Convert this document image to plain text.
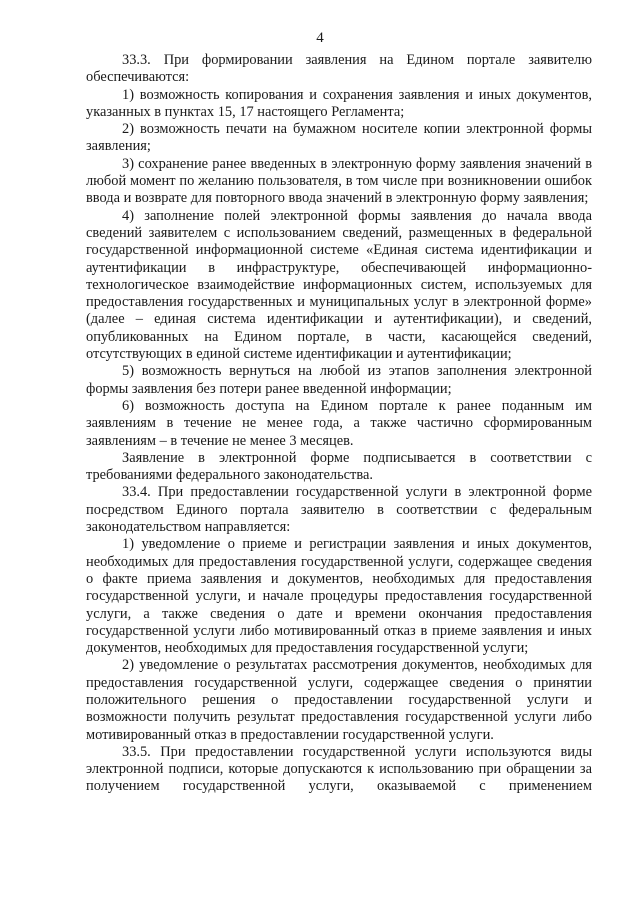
4

33.3. При формировании заявления на Едином портале заявителю обеспечиваются:

1) возможность копирования и сохранения заявления и иных документов, указанных в пунктах 15, 17 настоящего Регламента;

2) возможность печати на бумажном носителе копии электронной формы заявления;

3) сохранение ранее введенных в электронную форму заявления значений в любой момент по желанию пользователя, в том числе при возникновении ошибок ввода и возврате для повторного ввода значений в электронную форму заявления;

4) заполнение полей электронной формы заявления до начала ввода сведений заявителем с использованием сведений, размещенных в федеральной государственной информационной системе «Единая система идентификации и аутентификации в инфраструктуре, обеспечивающей информационно-технологическое взаимодействие информационных систем, используемых для предоставления государственных и муниципальных услуг в электронной форме» (далее – единая система идентификации и аутентификации), и сведений, опубликованных на Едином портале, в части, касающейся сведений, отсутствующих в единой системе идентификации и аутентификации;

5) возможность вернуться на любой из этапов заполнения электронной формы заявления без потери ранее введенной информации;

6) возможность доступа на Едином портале к ранее поданным им заявлениям в течение не менее года, а также частично сформированным заявлениям – в течение не менее 3 месяцев.

Заявление в электронной форме подписывается в соответствии с требованиями федерального законодательства.

33.4. При предоставлении государственной услуги в электронной форме посредством Единого портала заявителю в соответствии с федеральным законодательством направляется:

1) уведомление о приеме и регистрации заявления и иных документов, необходимых для предоставления государственной услуги, содержащее сведения о факте приема заявления и документов, необходимых для предоставления государственной услуги, и начале процедуры предоставления государственной услуги, а также сведения о дате и времени окончания предоставления государственной услуги либо мотивированный отказ в приеме заявления и иных документов, необходимых для предоставления государственной услуги;

2) уведомление о результатах рассмотрения документов, необходимых для предоставления государственной услуги, содержащее сведения о принятии положительного решения о предоставлении государственной услуги и возможности получить результат предоставления государственной услуги либо мотивированный отказ в предоставлении государственной услуги.

33.5. При предоставлении государственной услуги используются виды электронной подписи, которые допускаются к использованию при обращении за получением государственной услуги, оказываемой с применением
